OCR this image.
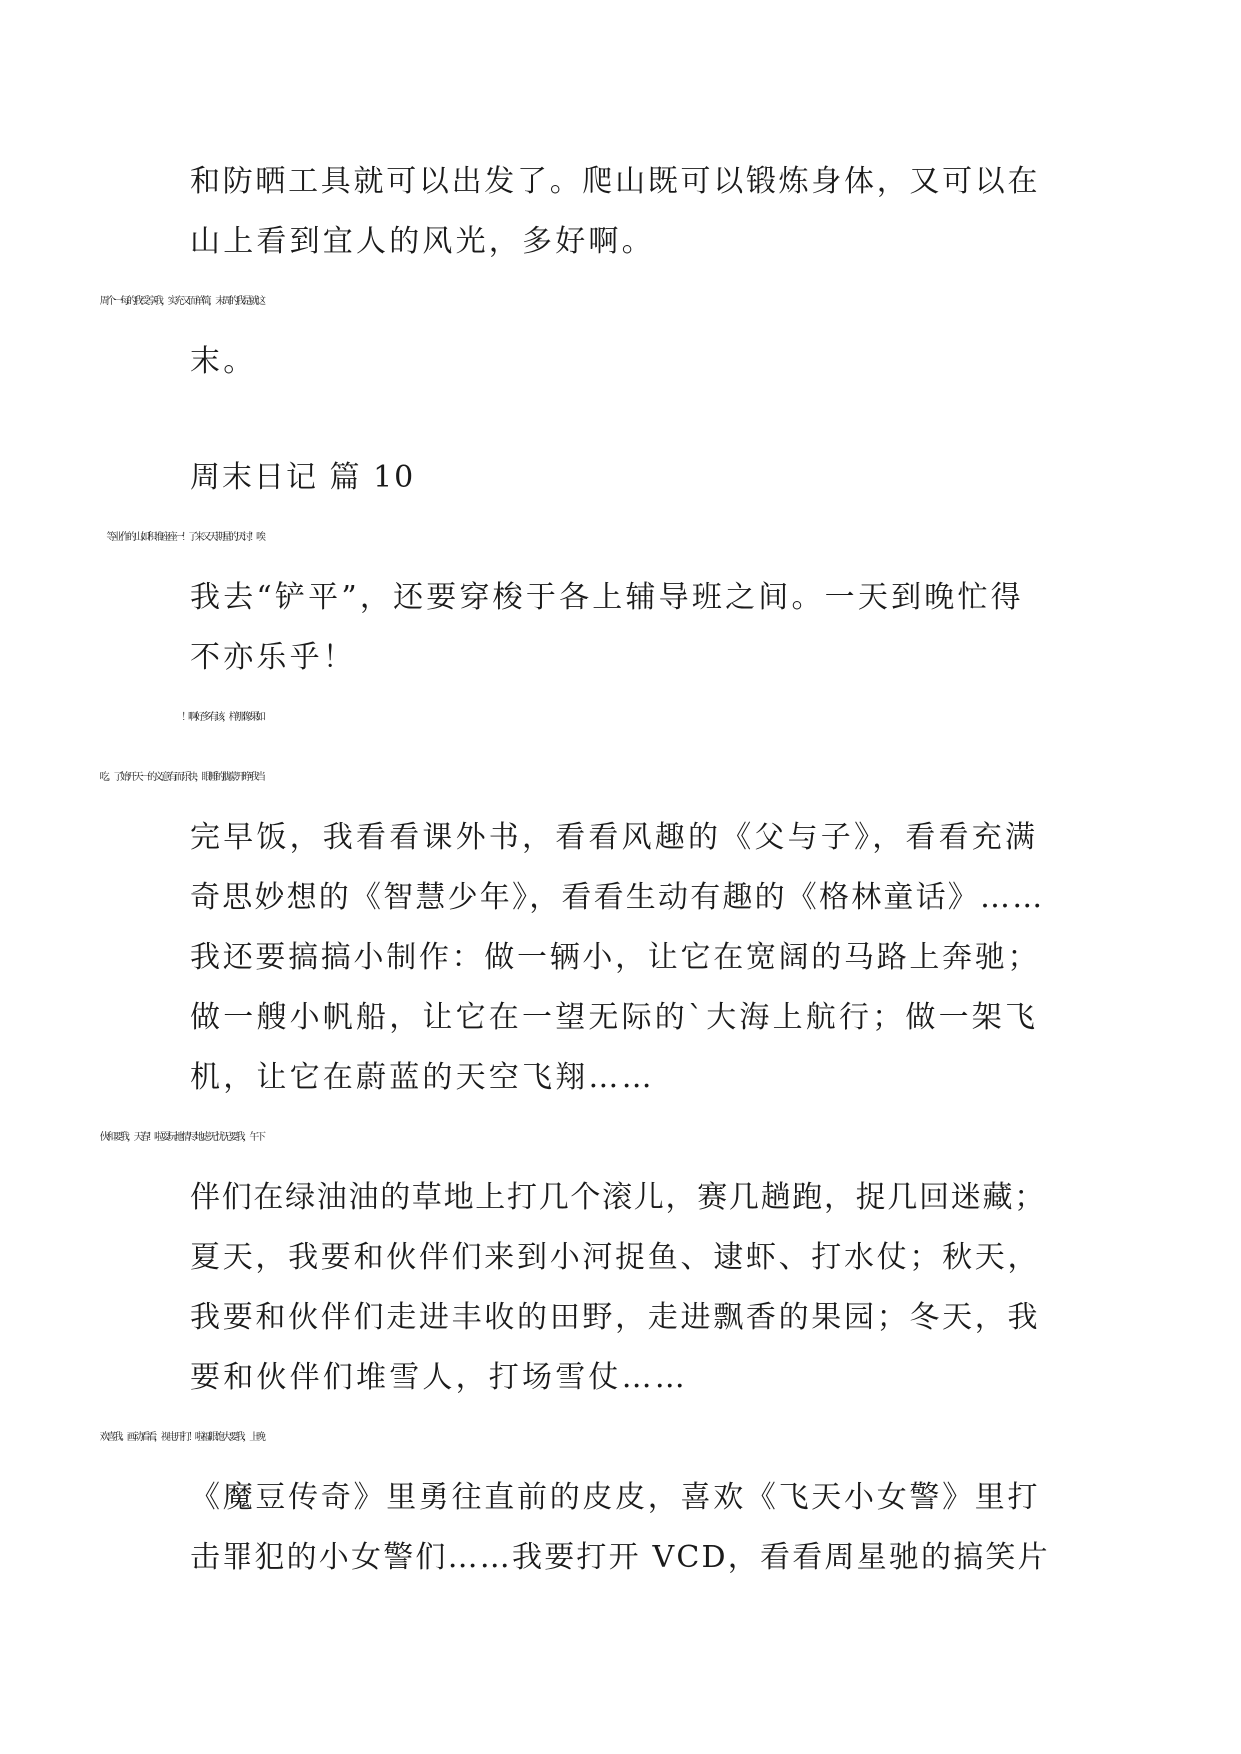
和防晒工具就可以出发了。爬山既可以锻炼身体，又可以在
山上看到宜人的风光，多好啊。
末。
周末日记 篇 10
我去“铲平”，还要穿梭于各上辅导班之间。一天到晚忙得
不亦乐乎！
完早饭，我看看课外书，看看风趣的《父与子》，看看充满
奇思妙想的《智慧少年》，看看生动有趣的《格林童话》……
我还要搞搞小制作：做一辆小，让它在宽阔的马路上奔驰；
做一艘小帆船，让它在一望无际的`大海上航行；做一架飞
机，让它在蔚蓝的天空飞翔……
伴们在绿油油的草地上打几个滚儿，赛几趟跑，捉几回迷藏；
夏天，我要和伙伴们来到小河捉鱼、逮虾、打水仗；秋天，
我要和伙伴们走进丰收的田野，走进飘香的果园；冬天，我
要和伙伴们堆雪人，打场雪仗……
《魔豆传奇》里勇往直前的皮皮，喜欢《飞天小女警》里打
击罪犯的小女警们……我要打开 VCD，看看周星驰的搞笑片
